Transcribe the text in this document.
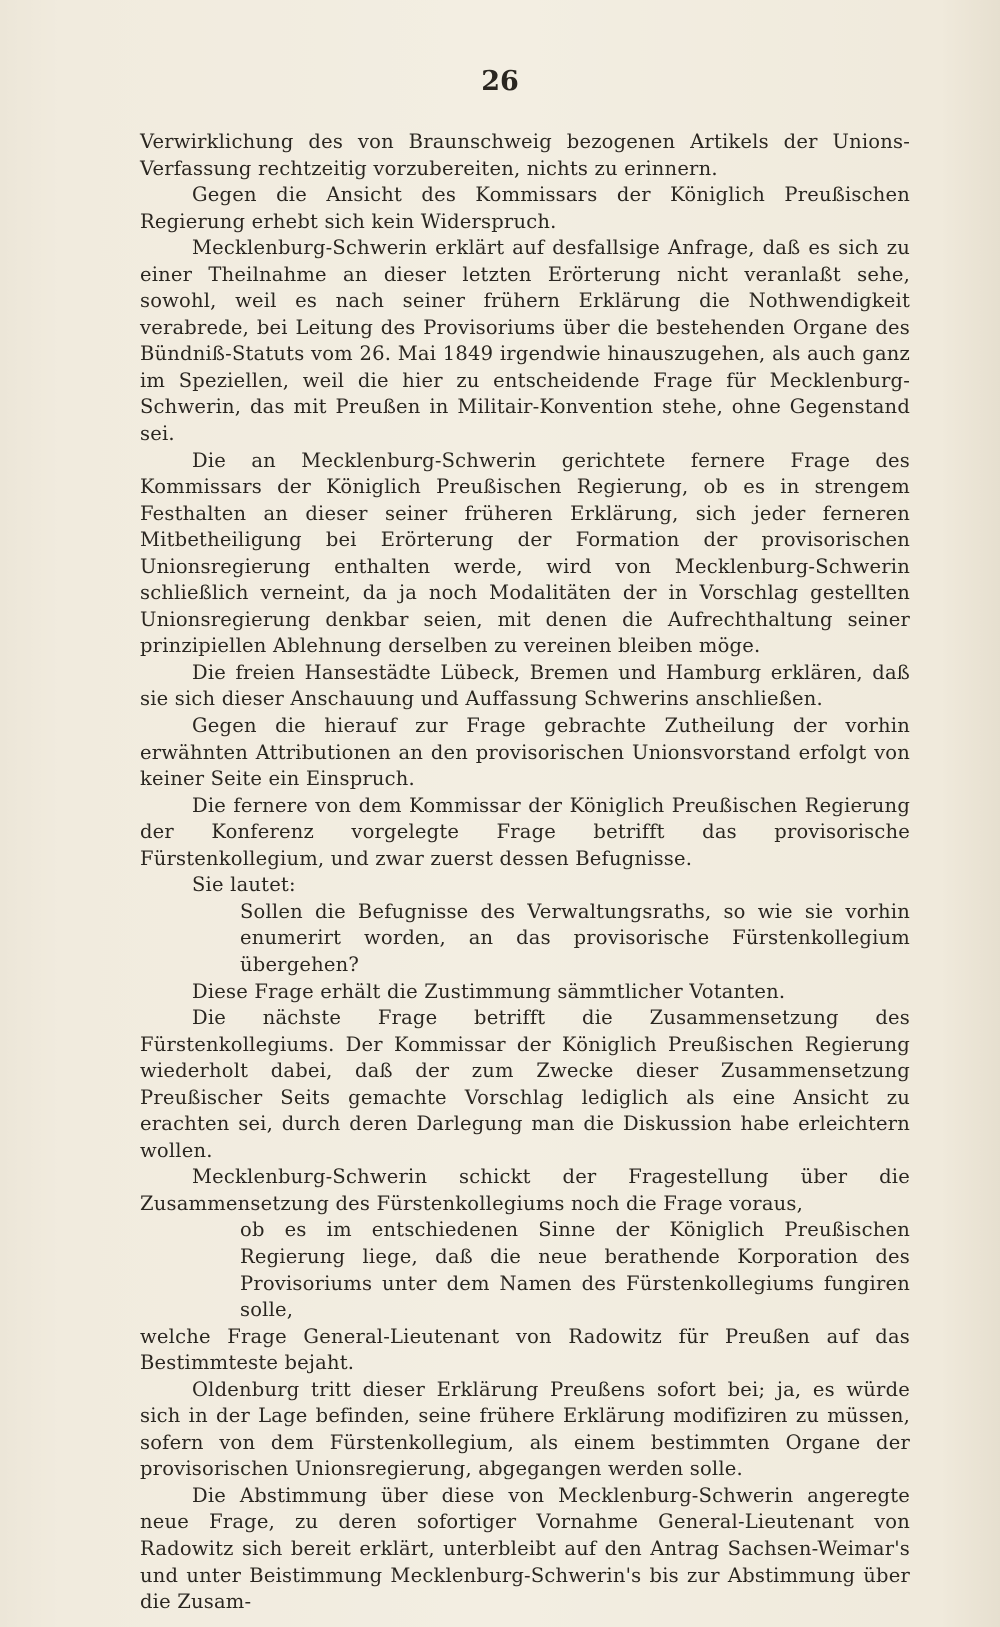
26

Verwirklichung des von Braunschweig bezogenen Artikels der Unions-Verfassung rechtzeitig vorzubereiten, nichts zu erinnern.

Gegen die Ansicht des Kommissars der Königlich Preußischen Regierung erhebt sich kein Widerspruch.

Mecklenburg-Schwerin erklärt auf desfallsige Anfrage, daß es sich zu einer Theilnahme an dieser letzten Erörterung nicht veranlaßt sehe, sowohl, weil es nach seiner frühern Erklärung die Nothwendigkeit verabrede, bei Leitung des Provisoriums über die bestehenden Organe des Bündniß-Statuts vom 26. Mai 1849 irgendwie hinauszugehen, als auch ganz im Speziellen, weil die hier zu entscheidende Frage für Mecklenburg-Schwerin, das mit Preußen in Militair-Konvention stehe, ohne Gegenstand sei.

Die an Mecklenburg-Schwerin gerichtete fernere Frage des Kommissars der Königlich Preußischen Regierung, ob es in strengem Festhalten an dieser seiner früheren Erklärung, sich jeder ferneren Mitbetheiligung bei Erörterung der Formation der provisorischen Unionsregierung enthalten werde, wird von Mecklenburg-Schwerin schließlich verneint, da ja noch Modalitäten der in Vorschlag gestellten Unionsregierung denkbar seien, mit denen die Aufrechthaltung seiner prinzipiellen Ablehnung derselben zu vereinen bleiben möge.

Die freien Hansestädte Lübeck, Bremen und Hamburg erklären, daß sie sich dieser Anschauung und Auffassung Schwerins anschließen.

Gegen die hierauf zur Frage gebrachte Zutheilung der vorhin erwähnten Attributionen an den provisorischen Unionsvorstand erfolgt von keiner Seite ein Einspruch.

Die fernere von dem Kommissar der Königlich Preußischen Regierung der Konferenz vorgelegte Frage betrifft das provisorische Fürstenkollegium, und zwar zuerst dessen Befugnisse.

Sie lautet:

Sollen die Befugnisse des Verwaltungsraths, so wie sie vorhin enumerirt worden, an das provisorische Fürstenkollegium übergehen?

Diese Frage erhält die Zustimmung sämmtlicher Votanten.

Die nächste Frage betrifft die Zusammensetzung des Fürstenkollegiums. Der Kommissar der Königlich Preußischen Regierung wiederholt dabei, daß der zum Zwecke dieser Zusammensetzung Preußischer Seits gemachte Vorschlag lediglich als eine Ansicht zu erachten sei, durch deren Darlegung man die Diskussion habe erleichtern wollen.

Mecklenburg-Schwerin schickt der Fragestellung über die Zusammensetzung des Fürstenkollegiums noch die Frage voraus,

ob es im entschiedenen Sinne der Königlich Preußischen Regierung liege, daß die neue berathende Korporation des Provisoriums unter dem Namen des Fürstenkollegiums fungiren solle,

welche Frage General-Lieutenant von Radowitz für Preußen auf das Bestimmteste bejaht.

Oldenburg tritt dieser Erklärung Preußens sofort bei; ja, es würde sich in der Lage befinden, seine frühere Erklärung modifiziren zu müssen, sofern von dem Fürstenkollegium, als einem bestimmten Organe der provisorischen Unionsregierung, abgegangen werden solle.

Die Abstimmung über diese von Mecklenburg-Schwerin angeregte neue Frage, zu deren sofortiger Vornahme General-Lieutenant von Radowitz sich bereit erklärt, unterbleibt auf den Antrag Sachsen-Weimar's und unter Beistimmung Mecklenburg-Schwerin's bis zur Abstimmung über die Zusam-
